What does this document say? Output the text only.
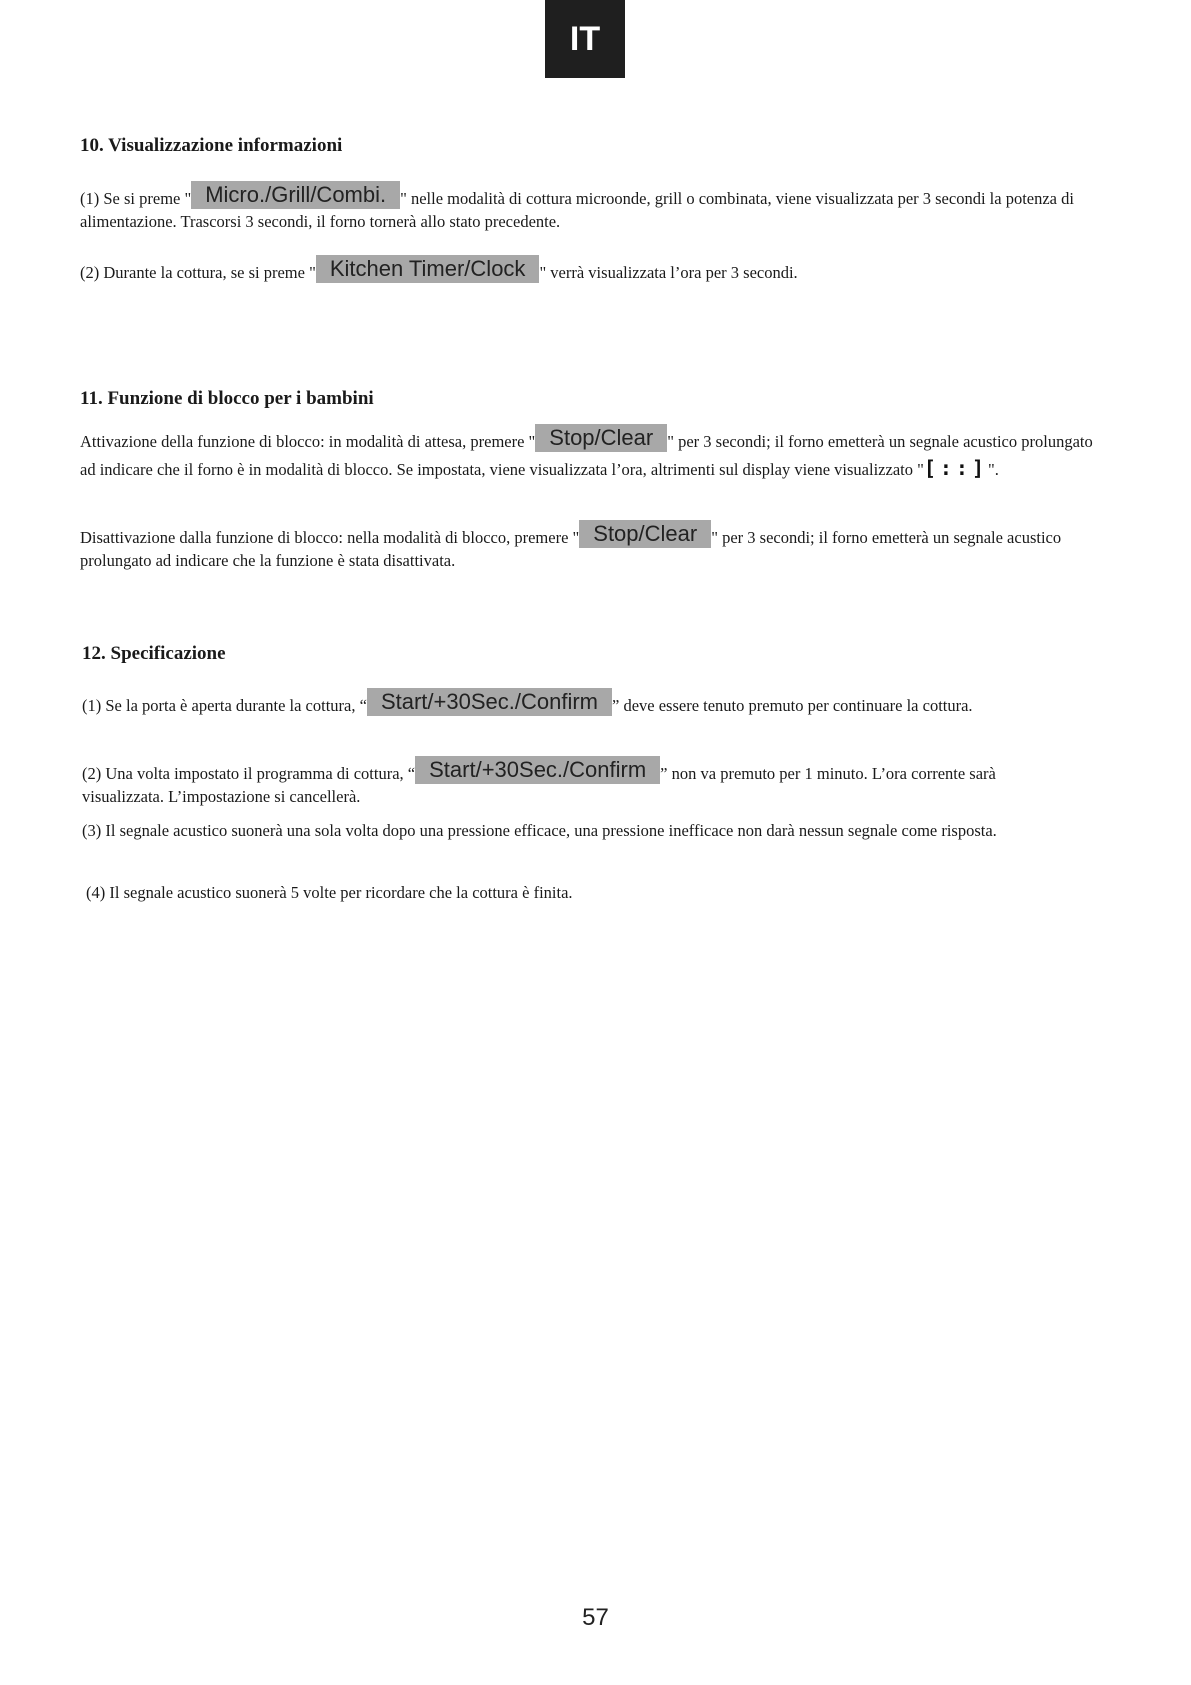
IT
10. Visualizzazione informazioni

(1) Se si preme " Micro./Grill/Combi. " nelle modalità di cottura microonde, grill o combinata, viene visualizzata per 3 secondi la potenza di alimentazione. Trascorsi 3 secondi, il forno tornerà allo stato precedente.

(2) Durante la cottura, se si preme " Kitchen Timer/Clock " verrà visualizzata l’ora per 3 secondi.

11. Funzione di blocco per i bambini

Attivazione della funzione di blocco: in modalità di attesa, premere " Stop/Clear " per 3 secondi; il forno emetterà un segnale acustico prolungato ad indicare che il forno è in modalità di blocco. Se impostata, viene visualizzata l’ora, altrimenti sul display viene visualizzato "[::]".

Disattivazione dalla funzione di blocco: nella modalità di blocco, premere " Stop/Clear " per 3 secondi; il forno emetterà un segnale acustico prolungato ad indicare che la funzione è stata disattivata.

12. Specificazione

(1) Se la porta è aperta durante la cottura, “ Start/+30Sec./Confirm ” deve essere tenuto premuto per continuare la cottura.

(2) Una volta impostato il programma di cottura, “ Start/+30Sec./Confirm ” non va premuto per 1 minuto. L’ora corrente sarà visualizzata. L’impostazione si cancellerà.

(3) Il segnale acustico suonerà una sola volta dopo una pressione efficace, una pressione inefficace non darà nessun segnale come risposta.

(4) Il segnale acustico suonerà 5 volte per ricordare che la cottura è finita.

57
